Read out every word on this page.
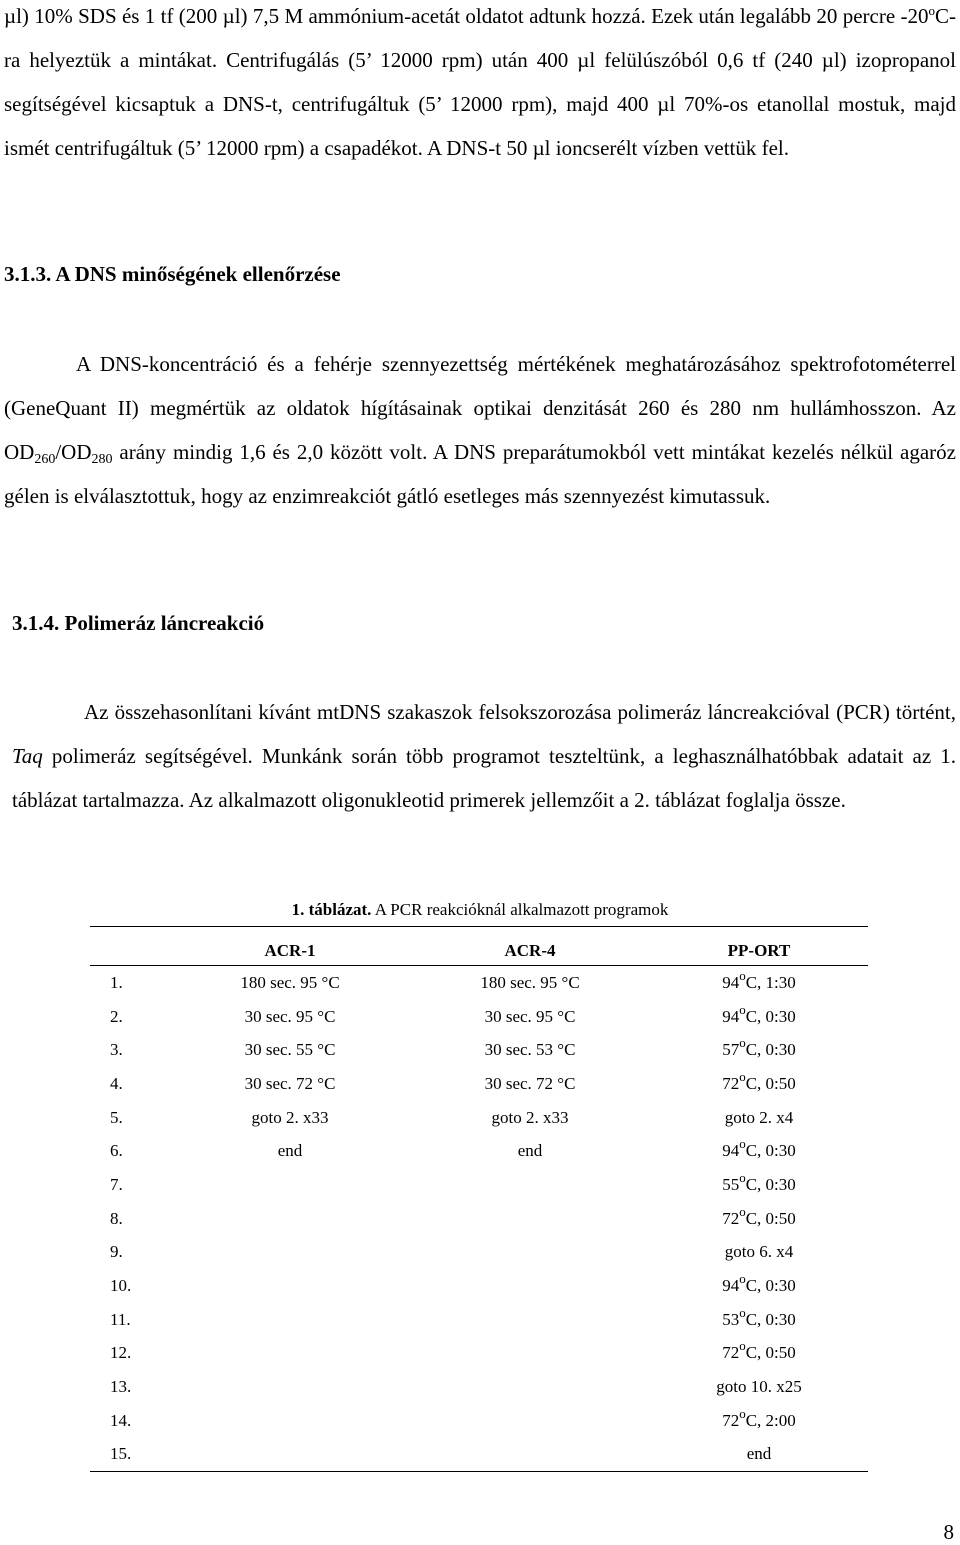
µl) 10% SDS és 1 tf (200 µl) 7,5 M ammónium-acetát oldatot adtunk hozzá. Ezek után legalább 20 percre -20$^o$C-ra helyeztük a mintákat. Centrifugálás (5’ 12000 rpm) után 400 µl felülúszóból 0,6 tf (240 µl) izopropanol segítségével kicsaptuk a DNS-t, centrifugáltuk (5’ 12000 rpm), majd 400 µl 70%-os etanollal mostuk, majd ismét centrifugáltuk (5’ 12000 rpm) a csapadékot. A DNS-t 50 µl ioncserélt vízben vettük fel.

3.1.3. A DNS minőségének ellenőrzése

A DNS-koncentráció és a fehérje szennyezettség mértékének meghatározásához spektrofotométerrel (GeneQuant II) megmértük az oldatok hígításainak optikai denzitását 260 és 280 nm hullámhosszon. Az $OD_{260}/OD_{280}$ arány mindig 1,6 és 2,0 között volt. A DNS preparátumokból vett mintákat kezelés nélkül agaróz gélen is elválasztottuk, hogy az enzimreakciót gátló esetleges más szennyezést kimutassuk.

3.1.4. Polimeráz láncreakció

Az összehasonlítani kívánt mtDNS szakaszok felsokszorozása polimeráz láncreakcióval (PCR) történt, Taq polimeráz segítségével. Munkánk során több programot teszteltünk, a leghasználhatóbbak adatait az 1. táblázat tartalmazza. Az alkalmazott oligonukleotid primerek jellemzőit a 2. táblázat foglalja össze.

1. táblázat. A PCR reakcióknál alkalmazott programok
	ACR-1	ACR-4	PP-ORT
1.	180 sec. 95 °C	180 sec. 95 °C	94$^o$C, 1:30
2.	30 sec. 95 °C	30 sec. 95 °C	94$^o$C, 0:30
3.	30 sec. 55 °C	30 sec. 53 °C	57$^o$C, 0:30
4.	30 sec. 72 °C	30 sec. 72 °C	72$^o$C, 0:50
5.	goto 2. x33	goto 2. x33	goto 2. x4
6.	end	end	94$^o$C, 0:30
7.			55$^o$C, 0:30
8.			72$^o$C, 0:50
9.			goto 6. x4
10.			94$^o$C, 0:30
11.			53$^o$C, 0:30
12.			72$^o$C, 0:50
13.			goto 10. x25
14.			72$^o$C, 2:00
15.			end
8
